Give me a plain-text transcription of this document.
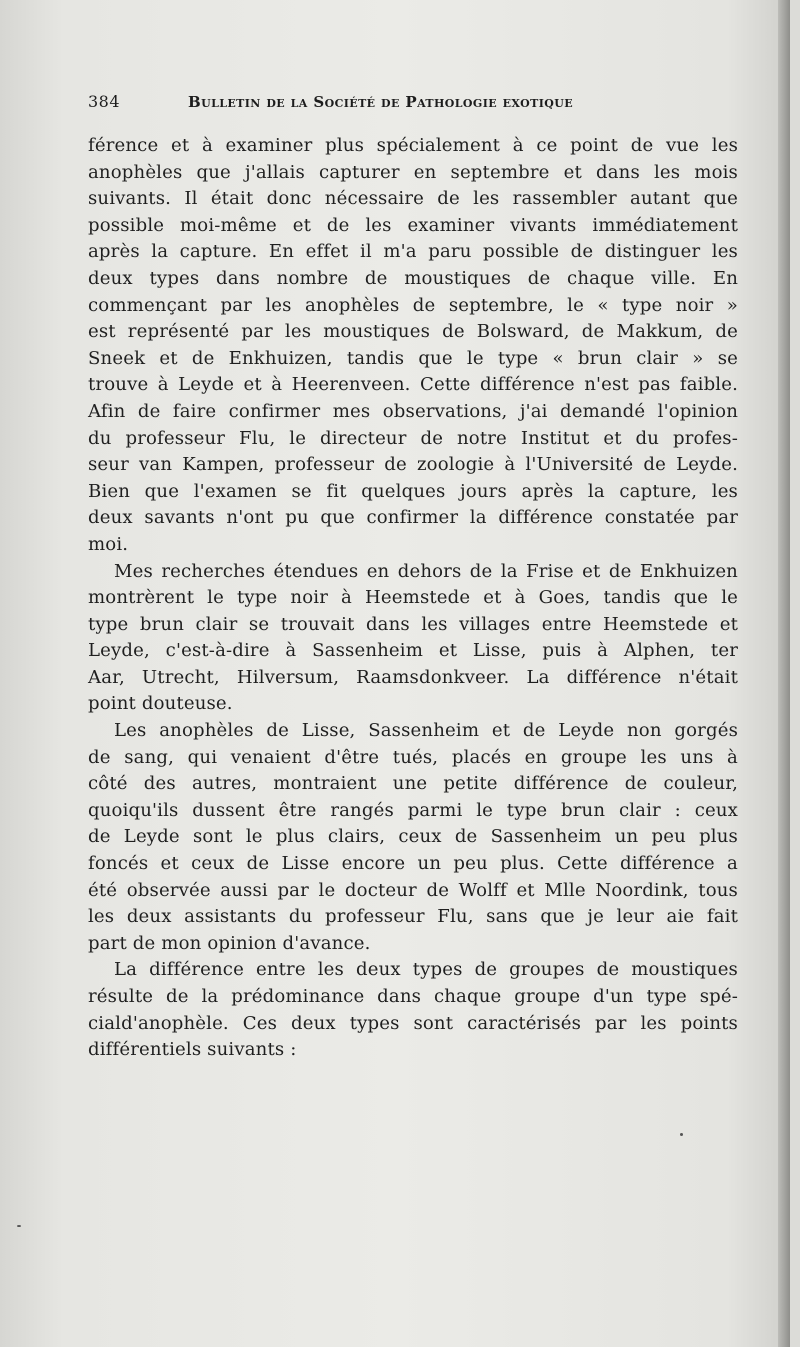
384	Bulletin de la Société de Pathologie exotique
férence et à examiner plus spécialement à ce point de vue les
anophèles que j'allais capturer en septembre et dans les mois
suivants. Il était donc nécessaire de les rassembler autant que
possible moi-même et de les examiner vivants immédiatement
après la capture. En effet il m'a paru possible de distinguer les
deux types dans nombre de moustiques de chaque ville. En
commençant par les anophèles de septembre, le « type noir »
est représenté par les moustiques de Bolsward, de Makkum, de
Sneek et de Enkhuizen, tandis que le type « brun clair » se
trouve à Leyde et à Heerenveen. Cette différence n'est pas faible.
Afin de faire confirmer mes observations, j'ai demandé l'opinion
du professeur Flu, le directeur de notre Institut et du profes-
seur van Kampen, professeur de zoologie à l'Université de Leyde.
Bien que l'examen se fit quelques jours après la capture, les
deux savants n'ont pu que confirmer la différence constatée par
moi.
Mes recherches étendues en dehors de la Frise et de Enkhuizen
montrèrent le type noir à Heemstede et à Goes, tandis que le
type brun clair se trouvait dans les villages entre Heemstede et
Leyde, c'est-à-dire à Sassenheim et Lisse, puis à Alphen, ter
Aar, Utrecht, Hilversum, Raamsdonkveer. La différence n'était
point douteuse.
Les anophèles de Lisse, Sassenheim et de Leyde non gorgés
de sang, qui venaient d'être tués, placés en groupe les uns à
côté des autres, montraient une petite différence de couleur,
quoiqu'ils dussent être rangés parmi le type brun clair : ceux
de Leyde sont le plus clairs, ceux de Sassenheim un peu plus
foncés et ceux de Lisse encore un peu plus. Cette différence a
été observée aussi par le docteur de Wolff et Mlle Noordink, tous
les deux assistants du professeur Flu, sans que je leur aie fait
part de mon opinion d'avance.
La différence entre les deux types de groupes de moustiques
résulte de la prédominance dans chaque groupe d'un type spé-
ciald'anophèle. Ces deux types sont caractérisés par les points
différentiels suivants :
